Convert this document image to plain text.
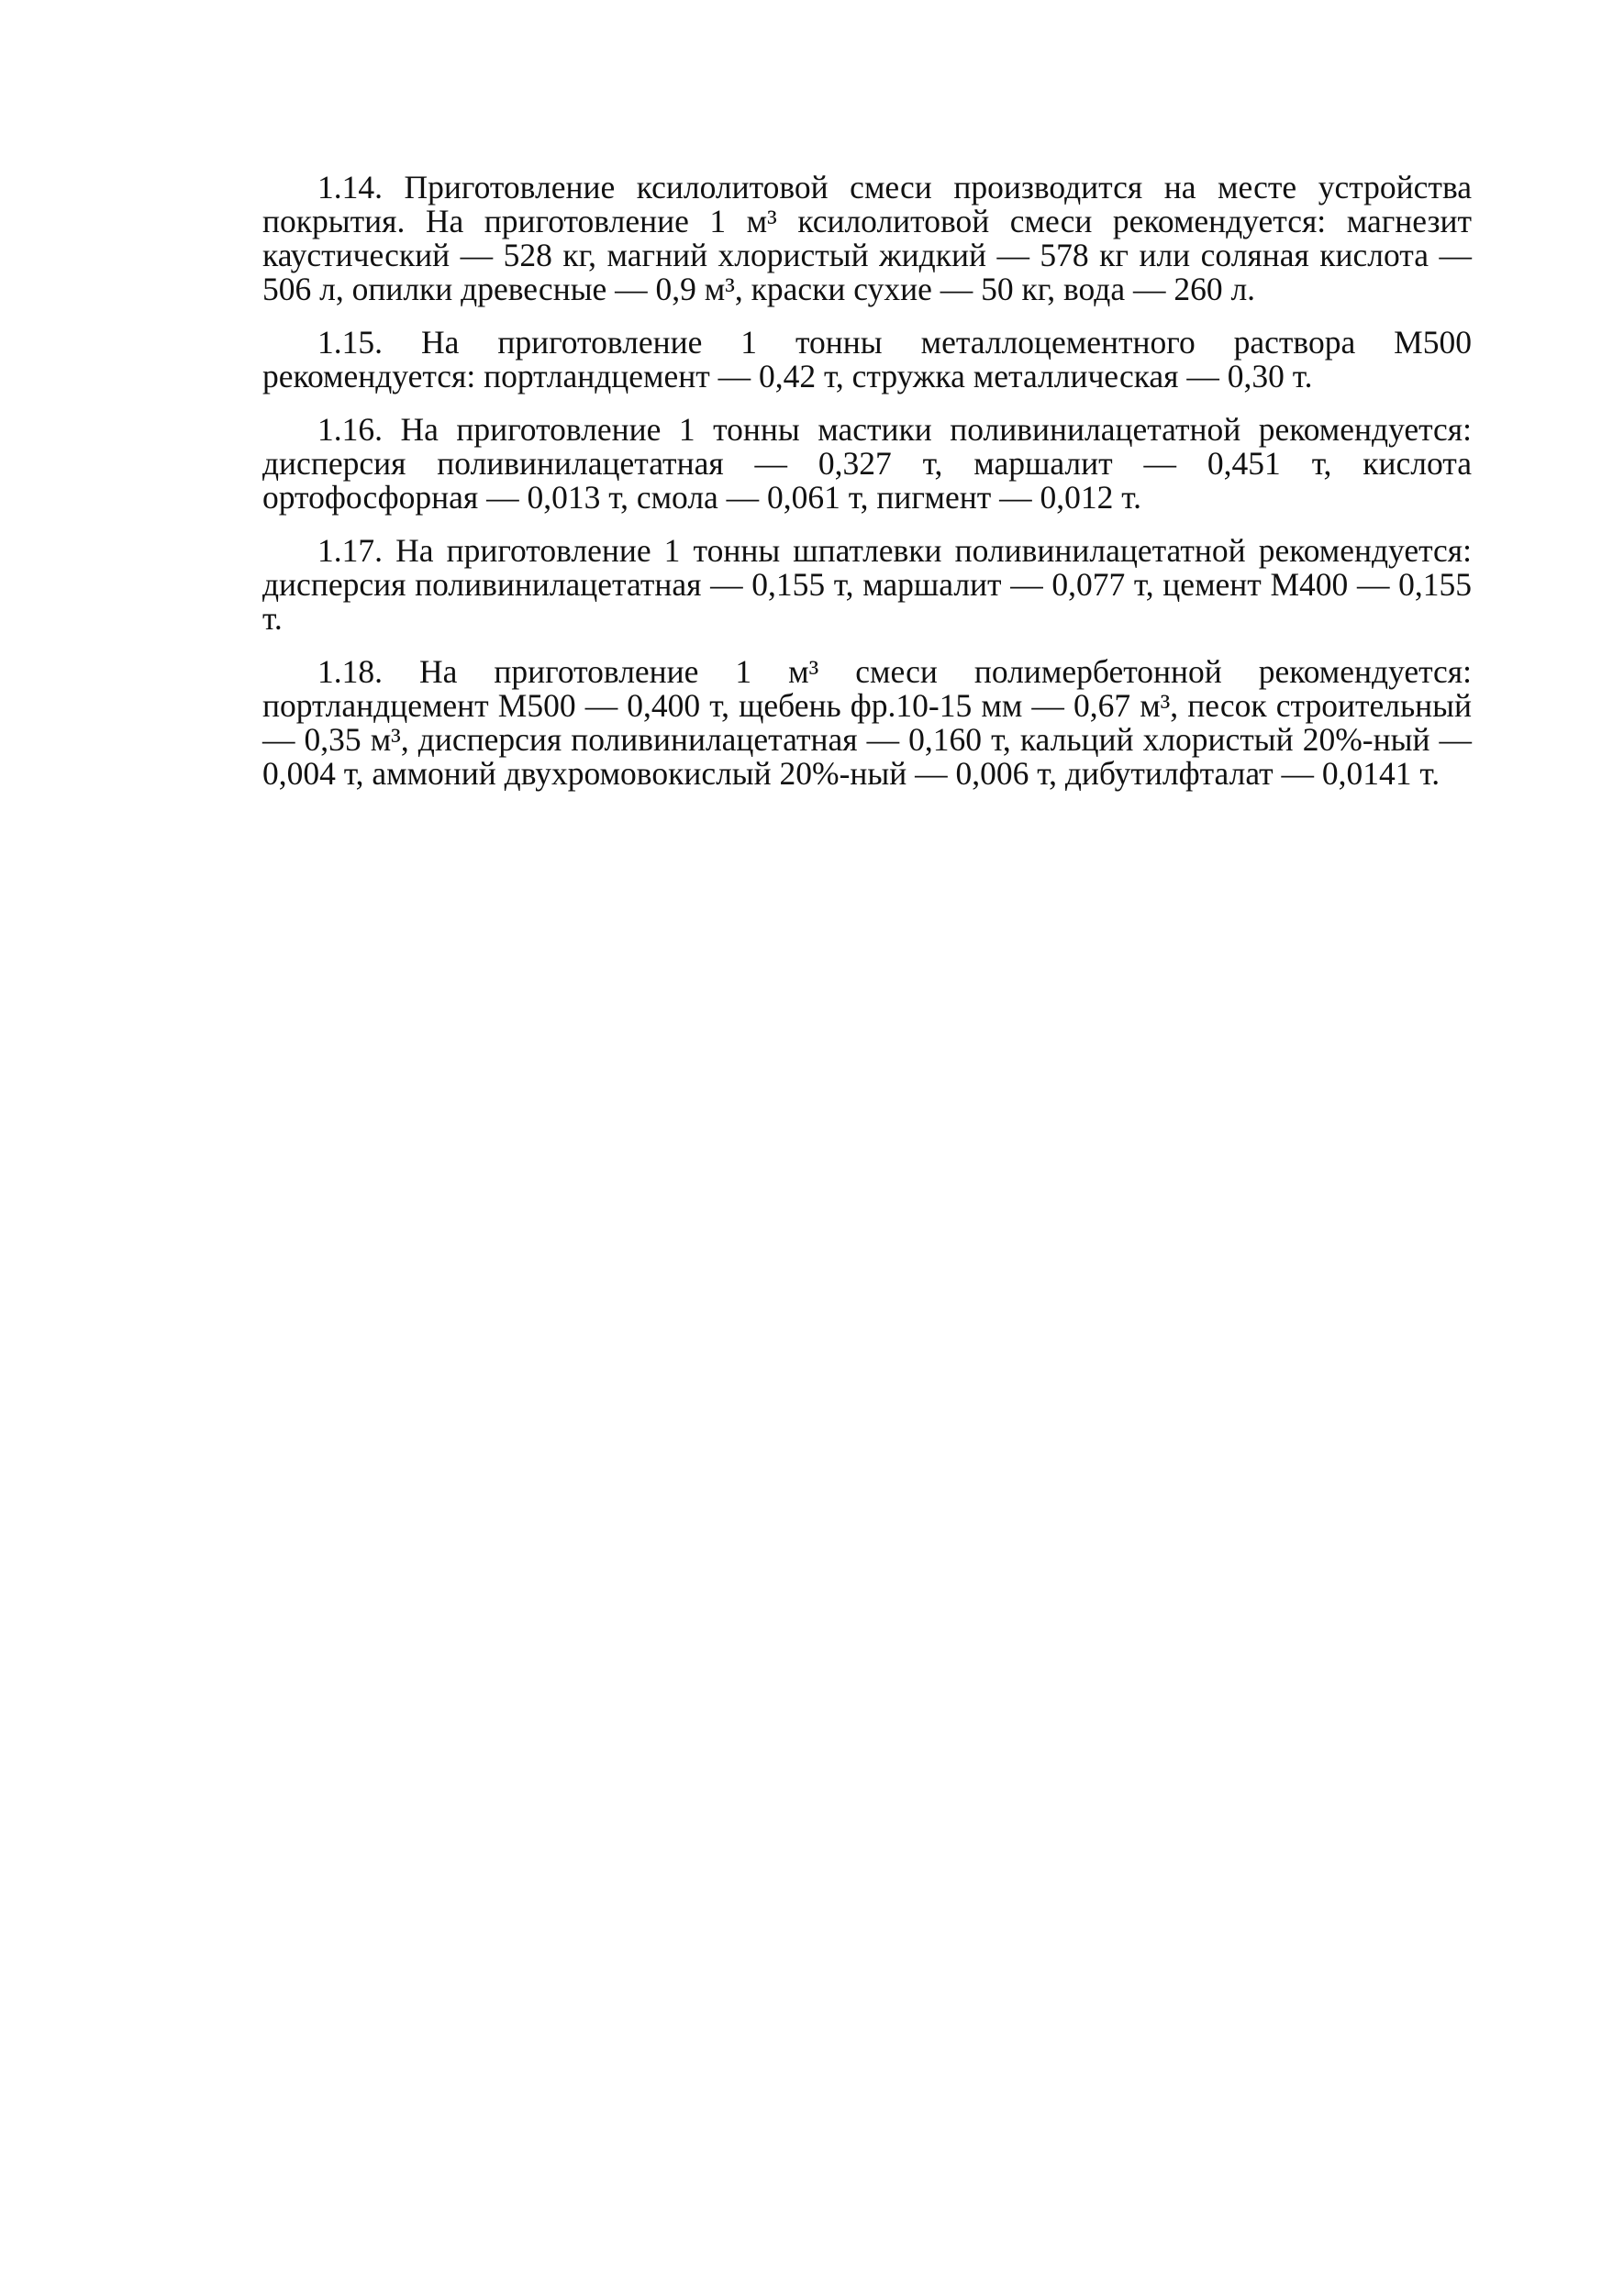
1.14. Приготовление ксилолитовой смеси производится на месте устройства покрытия. На приготовление 1 м³ ксилолитовой смеси рекомендуется: магнезит каустический — 528 кг, магний хлористый жидкий — 578 кг или соляная кислота — 506 л, опилки древесные — 0,9 м³, краски сухие — 50 кг, вода — 260 л.

1.15. На приготовление 1 тонны металлоцементного раствора М500 рекомендуется: портландцемент — 0,42 т, стружка металлическая — 0,30 т.

1.16. На приготовление 1 тонны мастики поливинилацетатной рекомендуется: дисперсия поливинилацетатная — 0,327 т, маршалит — 0,451 т, кислота ортофосфорная — 0,013 т, смола — 0,061 т, пигмент — 0,012 т.

1.17. На приготовление 1 тонны шпатлевки поливинилацетатной рекомендуется: дисперсия поливинилацетатная — 0,155 т, маршалит — 0,077 т, цемент М400 — 0,155 т.

1.18. На приготовление 1 м³ смеси полимербетонной рекомендуется: портландцемент М500 — 0,400 т, щебень фр.10-15 мм — 0,67 м³, песок строительный — 0,35 м³, дисперсия поливинилацетатная — 0,160 т, кальций хлористый 20%-ный — 0,004 т, аммоний двухромовокислый 20%-ный — 0,006 т, дибутилфталат — 0,0141 т.
